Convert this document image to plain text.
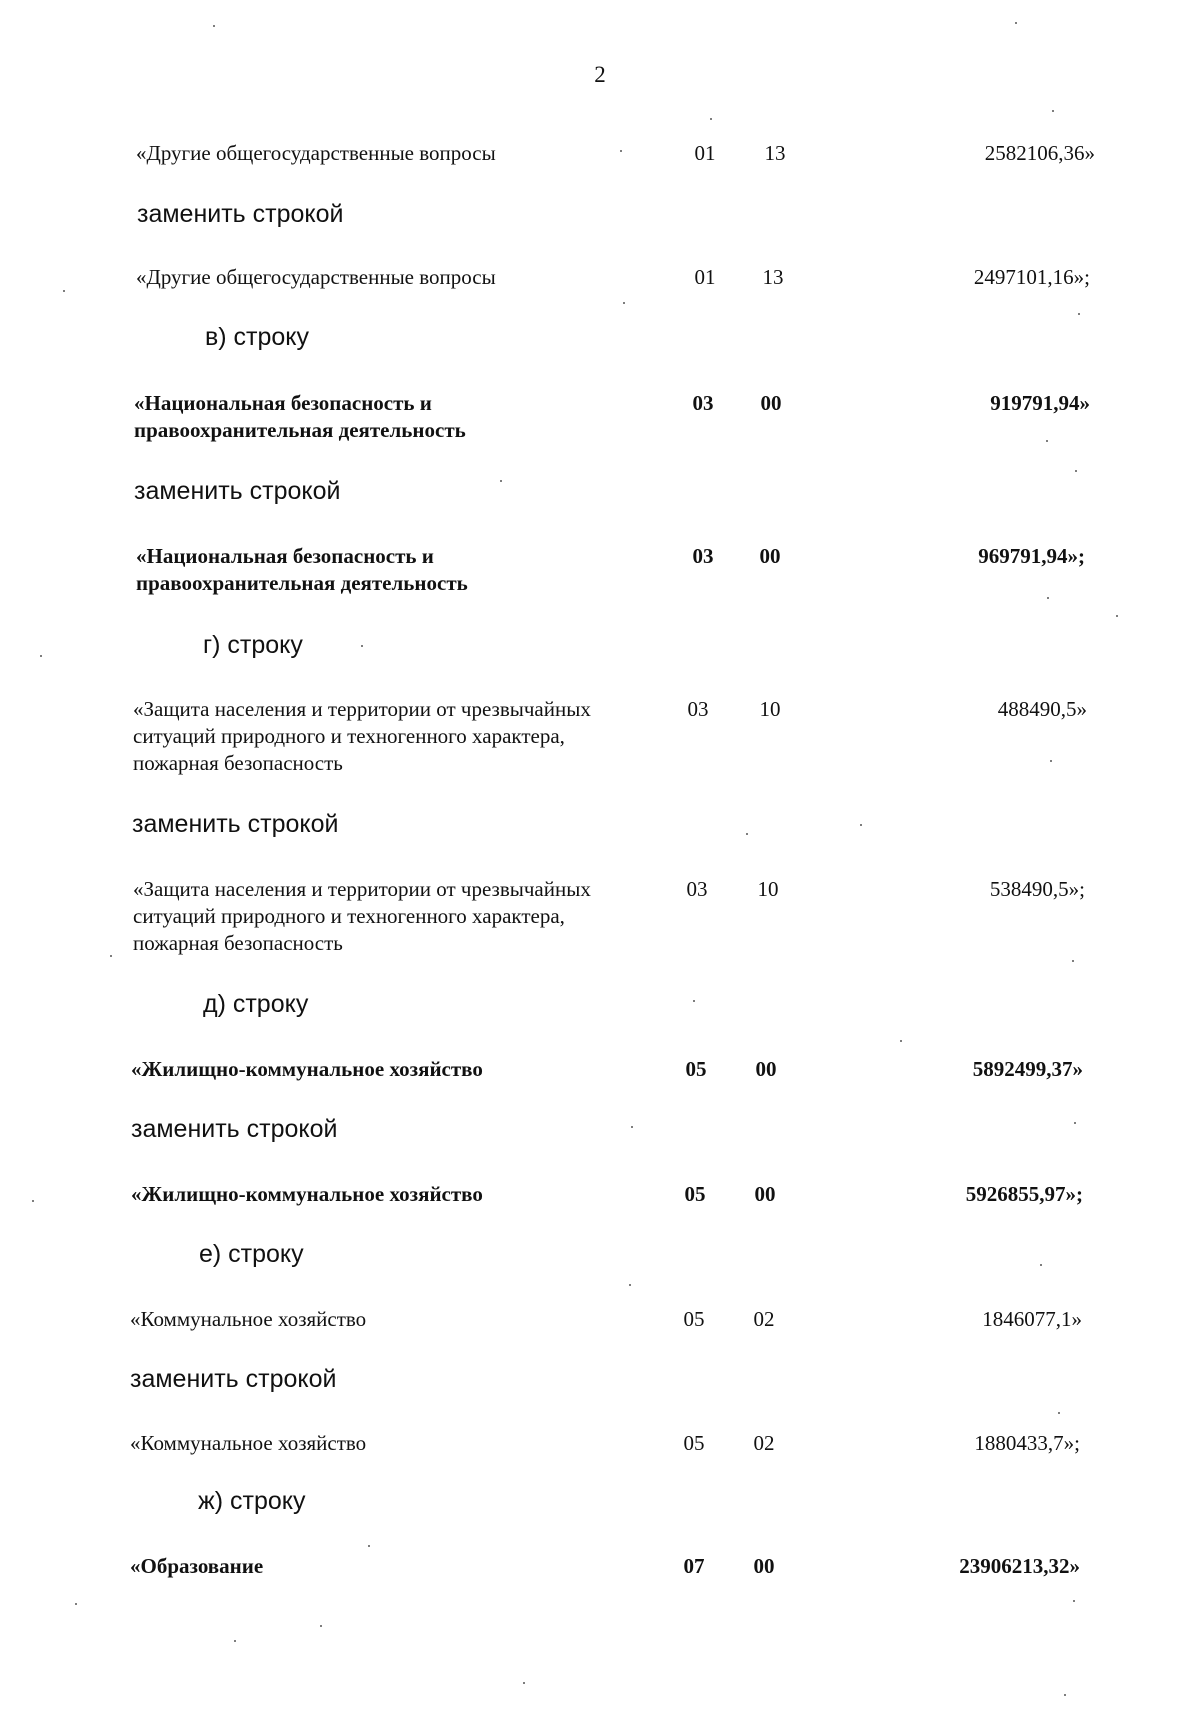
2
«Другие общегосударственные вопросы	01	13	2582106,36»
заменить строкой
«Другие общегосударственные вопросы	01	13	2497101,16»;
в) строку
«Национальная безопасность и
правоохранительная деятельность
03	00	919791,94»
заменить строкой
«Национальная безопасность и
правоохранительная деятельность
03	00	969791,94»;
г) строку
«Защита населения и территории от чрезвычайных
ситуаций природного и техногенного характера,
пожарная безопасность
03	10	488490,5»
заменить строкой
«Защита населения и территории от чрезвычайных
ситуаций природного и техногенного характера,
пожарная безопасность
03	10	538490,5»;
д) строку
«Жилищно-коммунальное хозяйство	05	00	5892499,37»
заменить строкой
«Жилищно-коммунальное хозяйство	05	00	5926855,97»;
е) строку
«Коммунальное хозяйство	05	02	1846077,1»
заменить строкой
«Коммунальное хозяйство	05	02	1880433,7»;
ж) строку
«Образование	07	00	23906213,32»
